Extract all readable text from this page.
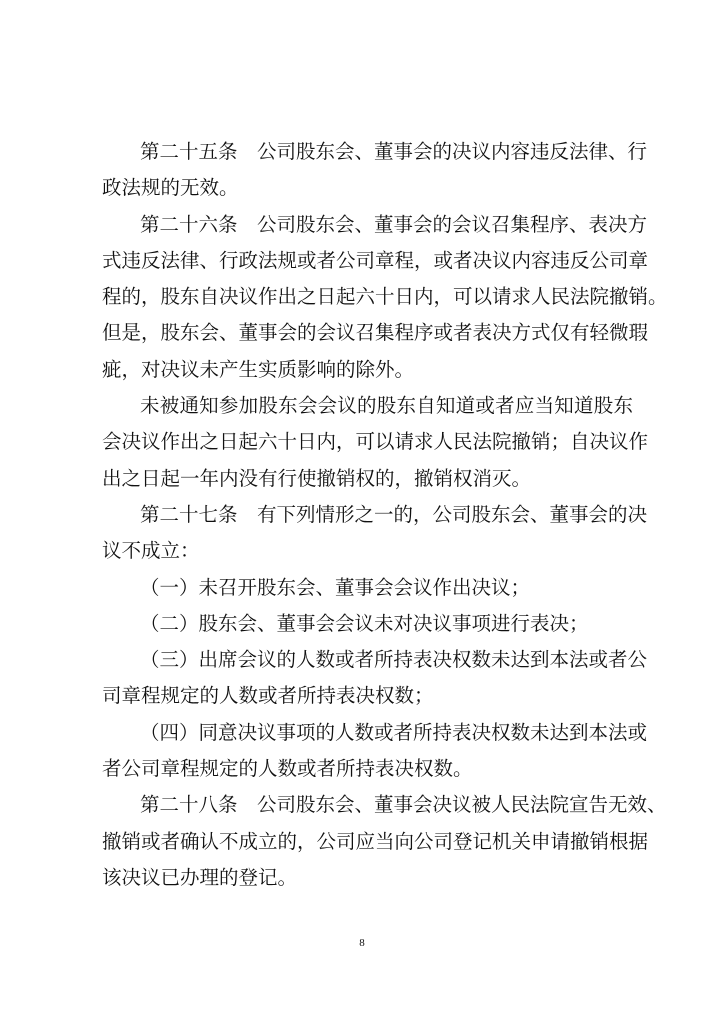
第二十五条　公司股东会、董事会的决议内容违反法律、行
政法规的无效。
第二十六条　公司股东会、董事会的会议召集程序、表决方
式违反法律、行政法规或者公司章程，或者决议内容违反公司章
程的，股东自决议作出之日起六十日内，可以请求人民法院撤销。
但是，股东会、董事会的会议召集程序或者表决方式仅有轻微瑕
疵，对决议未产生实质影响的除外。
未被通知参加股东会会议的股东自知道或者应当知道股东
会决议作出之日起六十日内，可以请求人民法院撤销；自决议作
出之日起一年内没有行使撤销权的，撤销权消灭。
第二十七条　有下列情形之一的，公司股东会、董事会的决
议不成立：
（一）未召开股东会、董事会会议作出决议；
（二）股东会、董事会会议未对决议事项进行表决；
（三）出席会议的人数或者所持表决权数未达到本法或者公
司章程规定的人数或者所持表决权数；
（四）同意决议事项的人数或者所持表决权数未达到本法或
者公司章程规定的人数或者所持表决权数。
第二十八条　公司股东会、董事会决议被人民法院宣告无效、
撤销或者确认不成立的，公司应当向公司登记机关申请撤销根据
该决议已办理的登记。
8
